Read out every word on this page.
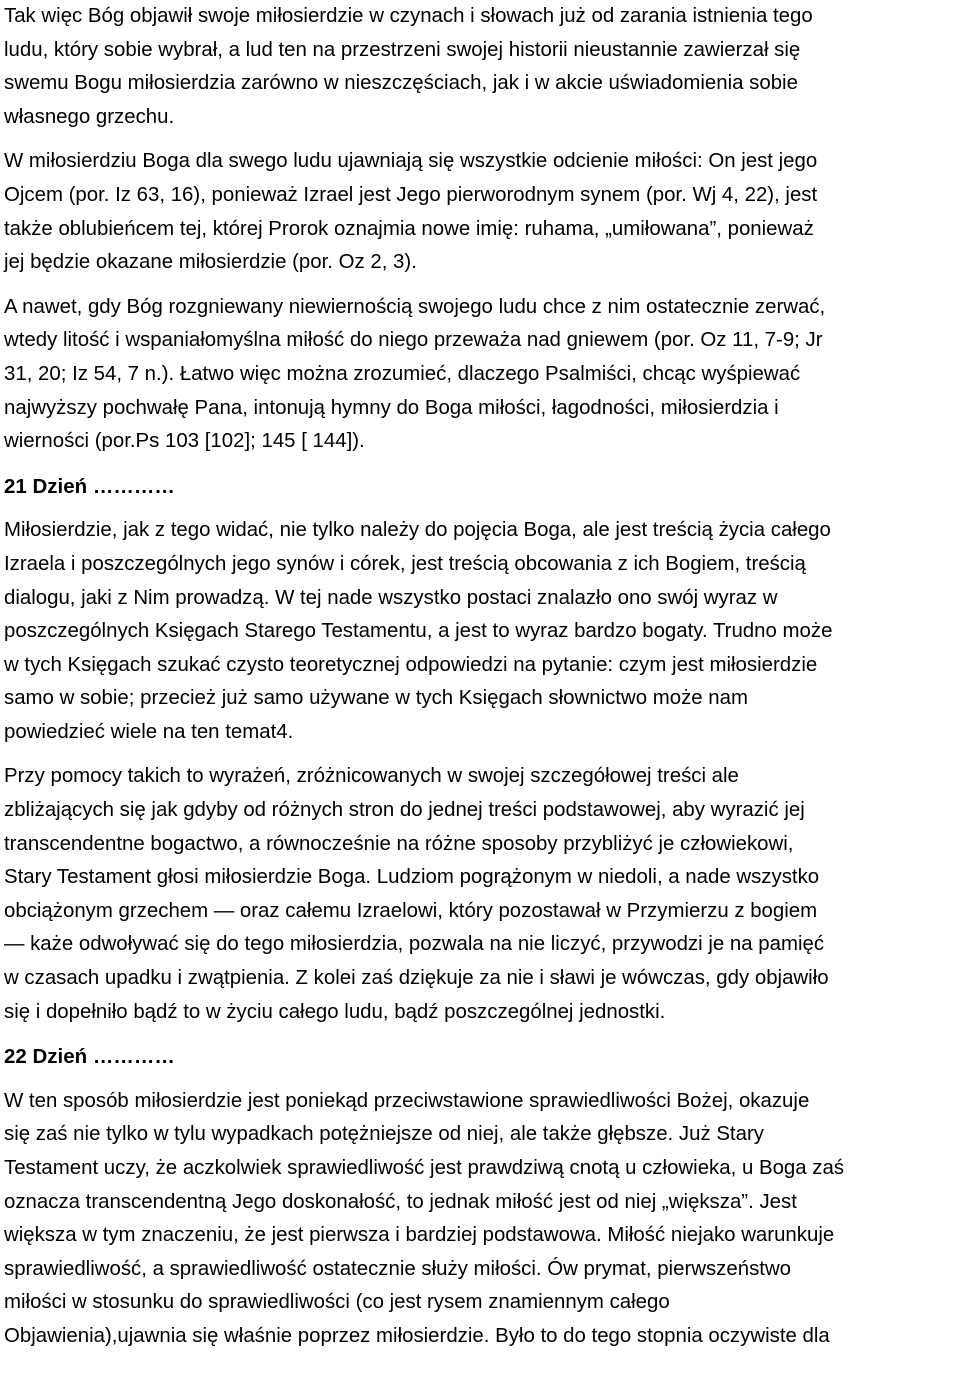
Tak więc Bóg objawił swoje miłosierdzie w czynach i słowach już od zarania istnienia tego
ludu, który sobie wybrał, a lud ten na przestrzeni swojej historii nieustannie zawierzał się
swemu Bogu miłosierdzia zarówno w nieszczęściach, jak i w akcie uświadomienia sobie
własnego grzechu.

W miłosierdziu Boga dla swego ludu ujawniają się wszystkie odcienie miłości: On jest jego
Ojcem (por. Iz 63, 16), ponieważ Izrael jest Jego pierworodnym synem (por. Wj 4, 22), jest
także oblubieńcem tej, której Prorok oznajmia nowe imię: ruhama, „umiłowana”, ponieważ
jej będzie okazane miłosierdzie (por. Oz 2, 3).

A nawet, gdy Bóg rozgniewany niewiernością swojego ludu chce z nim ostatecznie zerwać,
wtedy litość i wspaniałomyślna miłość do niego przeważa nad gniewem (por. Oz 11, 7-9; Jr
31, 20; Iz 54, 7 n.). Łatwo więc można zrozumieć, dlaczego Psalmiści, chcąc wyśpiewać
najwyższy pochwałę Pana, intonują hymny do Boga miłości, łagodności, miłosierdzia i
wierności (por.Ps 103 [102]; 145 [ 144]).

21 Dzień …………

Miłosierdzie, jak z tego widać, nie tylko należy do pojęcia Boga, ale jest treścią życia całego
Izraela i poszczególnych jego synów i córek, jest treścią obcowania z ich Bogiem, treścią
dialogu, jaki z Nim prowadzą. W tej nade wszystko postaci znalazło ono swój wyraz w
poszczególnych Księgach Starego Testamentu, a jest to wyraz bardzo bogaty. Trudno może
w tych Księgach szukać czysto teoretycznej odpowiedzi na pytanie: czym jest miłosierdzie
samo w sobie; przecież już samo używane w tych Księgach słownictwo może nam
powiedzieć wiele na ten temat4.

Przy pomocy takich to wyrażeń, zróżnicowanych w swojej szczegółowej treści ale
zbliżających się jak gdyby od różnych stron do jednej treści podstawowej, aby wyrazić jej
transcendentne bogactwo, a równocześnie na różne sposoby przybliżyć je człowiekowi,
Stary Testament głosi miłosierdzie Boga. Ludziom pogrążonym w niedoli, a nade wszystko
obciążonym grzechem — oraz całemu Izraelowi, który pozostawał w Przymierzu z bogiem
— każe odwoływać się do tego miłosierdzia, pozwala na nie liczyć, przywodzi je na pamięć
w czasach upadku i zwątpienia. Z kolei zaś dziękuje za nie i sławi je wówczas, gdy objawiło
się i dopełniło bądź to w życiu całego ludu, bądź poszczególnej jednostki.

22 Dzień …………

W ten sposób miłosierdzie jest poniekąd przeciwstawione sprawiedliwości Bożej, okazuje
się zaś nie tylko w tylu wypadkach potężniejsze od niej, ale także głębsze. Już Stary
Testament uczy, że aczkolwiek sprawiedliwość jest prawdziwą cnotą u człowieka, u Boga zaś
oznacza transcendentną Jego doskonałość, to jednak miłość jest od niej „większa”. Jest
większa w tym znaczeniu, że jest pierwsza i bardziej podstawowa. Miłość niejako warunkuje
sprawiedliwość, a sprawiedliwość ostatecznie służy miłości. Ów prymat, pierwszeństwo
miłości w stosunku do sprawiedliwości (co jest rysem znamiennym całego
Objawienia),ujawnia się właśnie poprzez miłosierdzie. Było to do tego stopnia oczywiste dla
